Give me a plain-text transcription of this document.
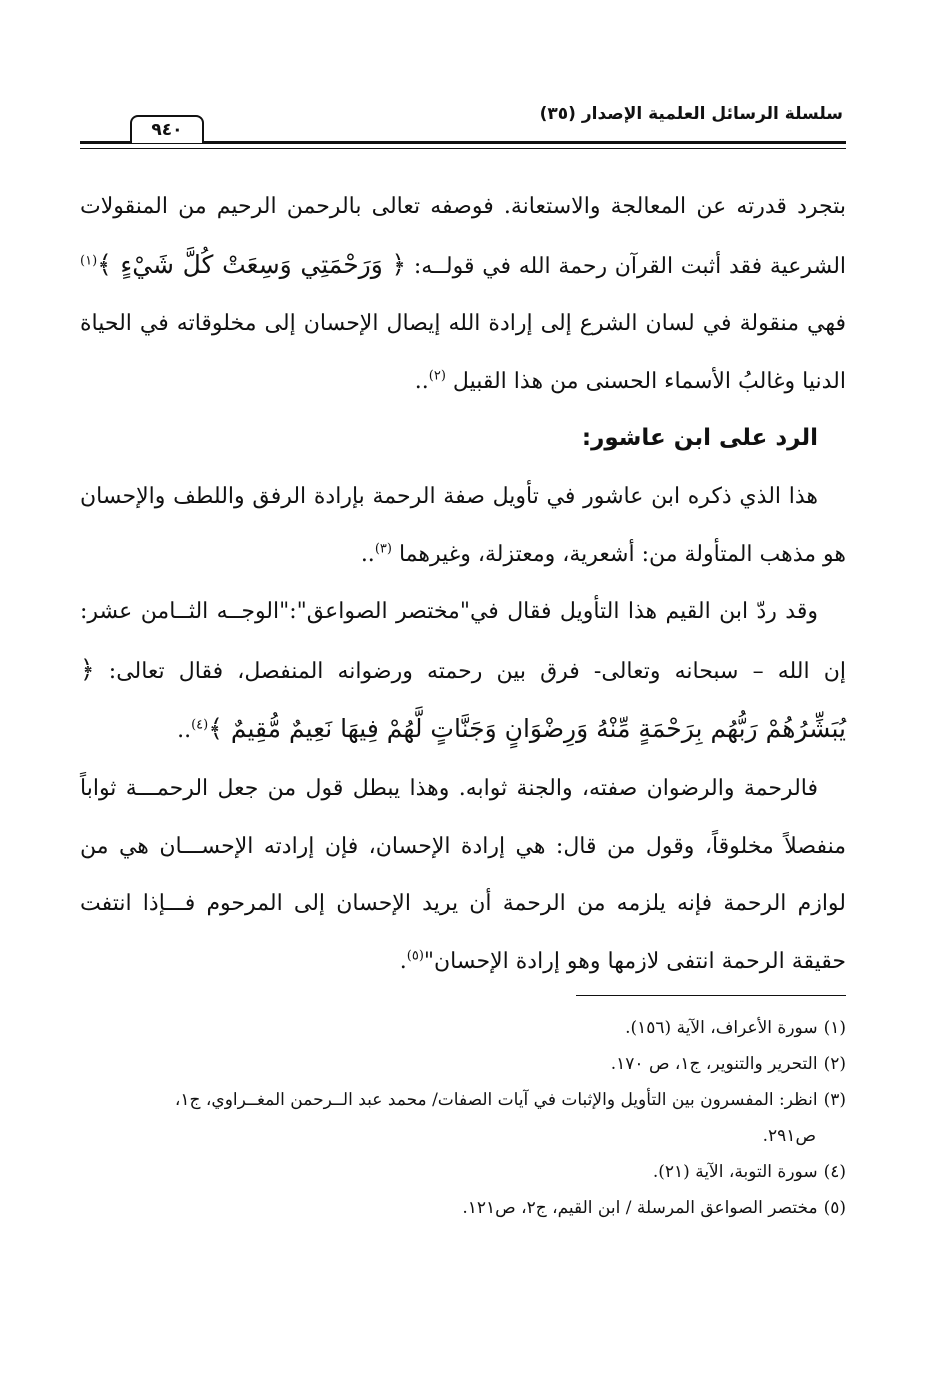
سلسلة الرسائل العلمية الإصدار (٣٥)
٩٤٠

بتجرد قدرته عن المعالجة والاستعانة. فوصفه تعالى بالرحمن الرحيم من المنقولات الشرعية فقد أثبت القرآن رحمة الله في قولــه: ﴿ وَرَحْمَتِي وَسِعَتْ كُلَّ شَيْءٍ ﴾$^{(١)}$ فهي منقولة في لسان الشرع إلى إرادة الله إيصال الإحسان إلى مخلوقاته في الحياة الدنيا وغالبُ الأسماء الحسنى من هذا القبيل $^{(٢)}$..

الرد على ابن عاشور:

هذا الذي ذكره ابن عاشور في تأويل صفة الرحمة بإرادة الرفق واللطف والإحسان هو مذهب المتأولة من: أشعرية، ومعتزلة، وغيرهما $^{(٣)}$..

وقد ردّ ابن القيم هذا التأويل فقال في"مختصر الصواعق":"الوجــه الثــامن عشر: إن الله – سبحانه وتعالى- فرق بين رحمته ورضوانه المنفصل، فقال تعالى: ﴿ يُبَشِّرُهُمْ رَبُّهُم بِرَحْمَةٍ مِّنْهُ وَرِضْوَانٍ وَجَنَّاتٍ لَّهُمْ فِيهَا نَعِيمٌ مُّقِيمٌ ﴾$^{(٤)}$..

فالرحمة والرضوان صفته، والجنة ثوابه. وهذا يبطل قول من جعل الرحمـــة ثواباً منفصلاً مخلوقاً، وقول من قال: هي إرادة الإحسان، فإن إرادته الإحســـان هي من لوازم الرحمة فإنه يلزمه من الرحمة أن يريد الإحسان إلى المرحوم فـــإذا انتفت حقيقة الرحمة انتفى لازمها وهو إرادة الإحسان"$^{(٥)}$.

(١)سورة الأعراف، الآية (١٥٦).

(٢)التحرير والتنوير، ج١، ص ١٧٠.

(٣)انظر: المفسرون بين التأويل والإثبات في آيات الصفات/ محمد عبد الــرحمن المغــراوي، ج١،

ص٢٩١.

(٤)سورة التوبة، الآية (٢١).

(٥)مختصر الصواعق المرسلة / ابن القيم، ج٢، ص١٢١.
